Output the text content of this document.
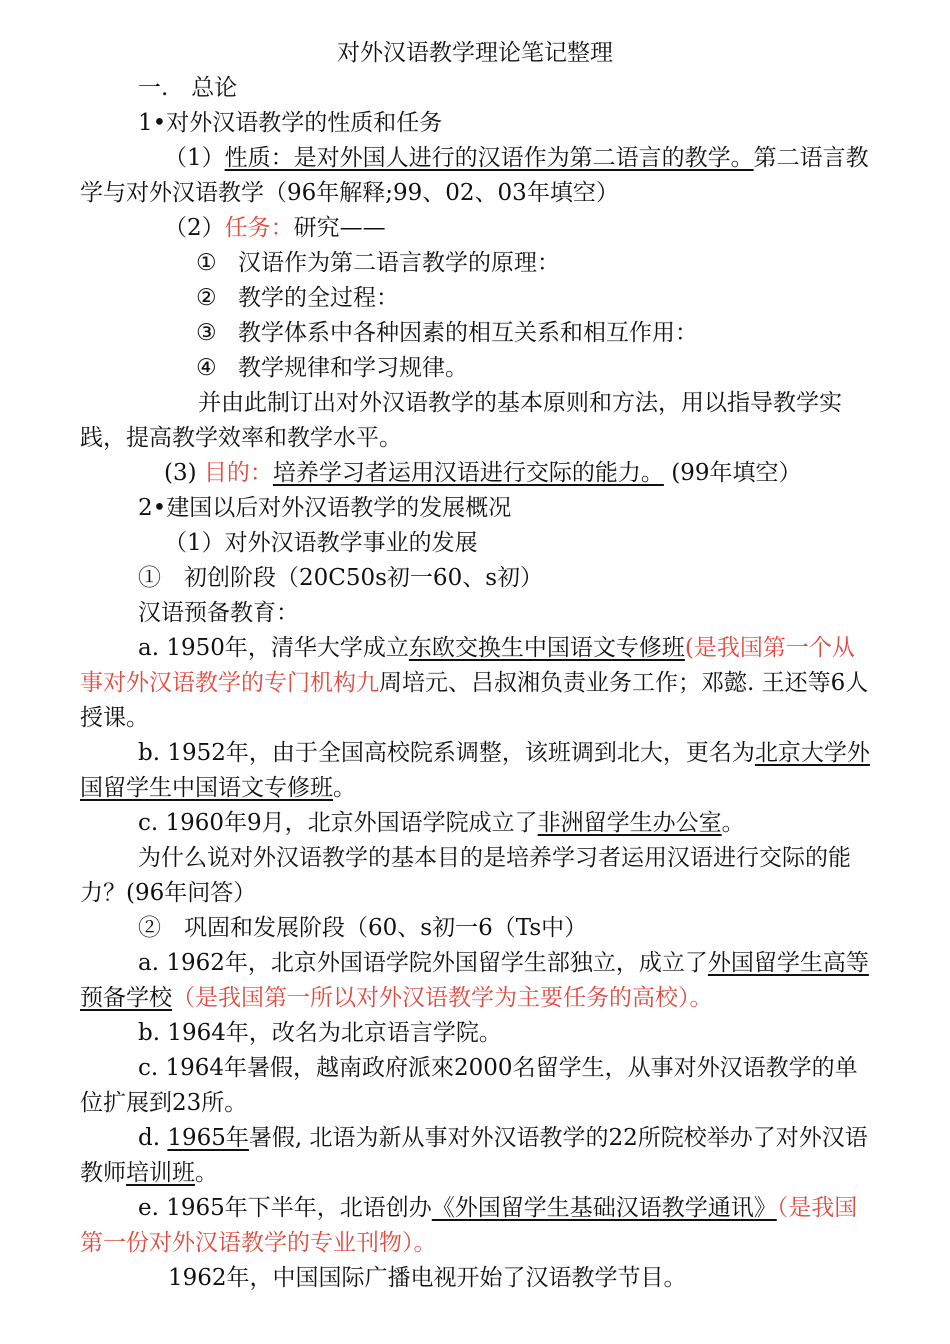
对外汉语教学理论笔记整理

一.　总论

1•对外汉语教学的性质和任务

（1）性质：是对外国人进行的汉语作为第二语言的教学。第二语言教学与对外汉语教学（96年解释;99、02、03年填空）

（2）任务：研究——

① 汉语作为第二语言教学的原理：

② 教学的全过程：

③ 教学体系中各种因素的相互关系和相互作用：

④ 教学规律和学习规律。

并由此制订出对外汉语教学的基本原则和方法，用以指导教学实践，提高教学效率和教学水平。

(3) 目的：培养学习者运用汉语进行交际的能力。 (99年填空）

2•建国以后对外汉语教学的发展概况

（1）对外汉语教学事业的发展

①　初创阶段（20C50s初一60、s初）

汉语预备教育：

a. 1950年，清华大学成立东欧交换生中国语文专修班(是我国第一个从事对外汉语教学的专门机构九周培元、吕叔湘负责业务工作；邓懿. 王还等6人授课。

b. 1952年，由于全国高校院系调整，该班调到北大，更名为北京大学外国留学生中国语文专修班。

c. 1960年9月，北京外国语学院成立了非洲留学生办公室。

为什么说对外汉语教学的基本目的是培养学习者运用汉语进行交际的能力？(96年问答）

②　巩固和发展阶段（60、s初一6（Ts中）

a. 1962年，北京外国语学院外国留学生部独立，成立了外国留学生高等预备学校（是我国第一所以对外汉语教学为主要任务的高校）。

b. 1964年，改名为北京语言学院。

c. 1964年暑假，越南政府派來2000名留学生，从事对外汉语教学的单位扩展到23所。

d. 1965年暑假, 北语为新从事对外汉语教学的22所院校举办了对外汉语教师培训班。

e. 1965年下半年，北语创办《外国留学生基础汉语教学通讯》（是我国第一份对外汉语教学的专业刊物）。

1962年，中国国际广播电视开始了汉语教学节目。
